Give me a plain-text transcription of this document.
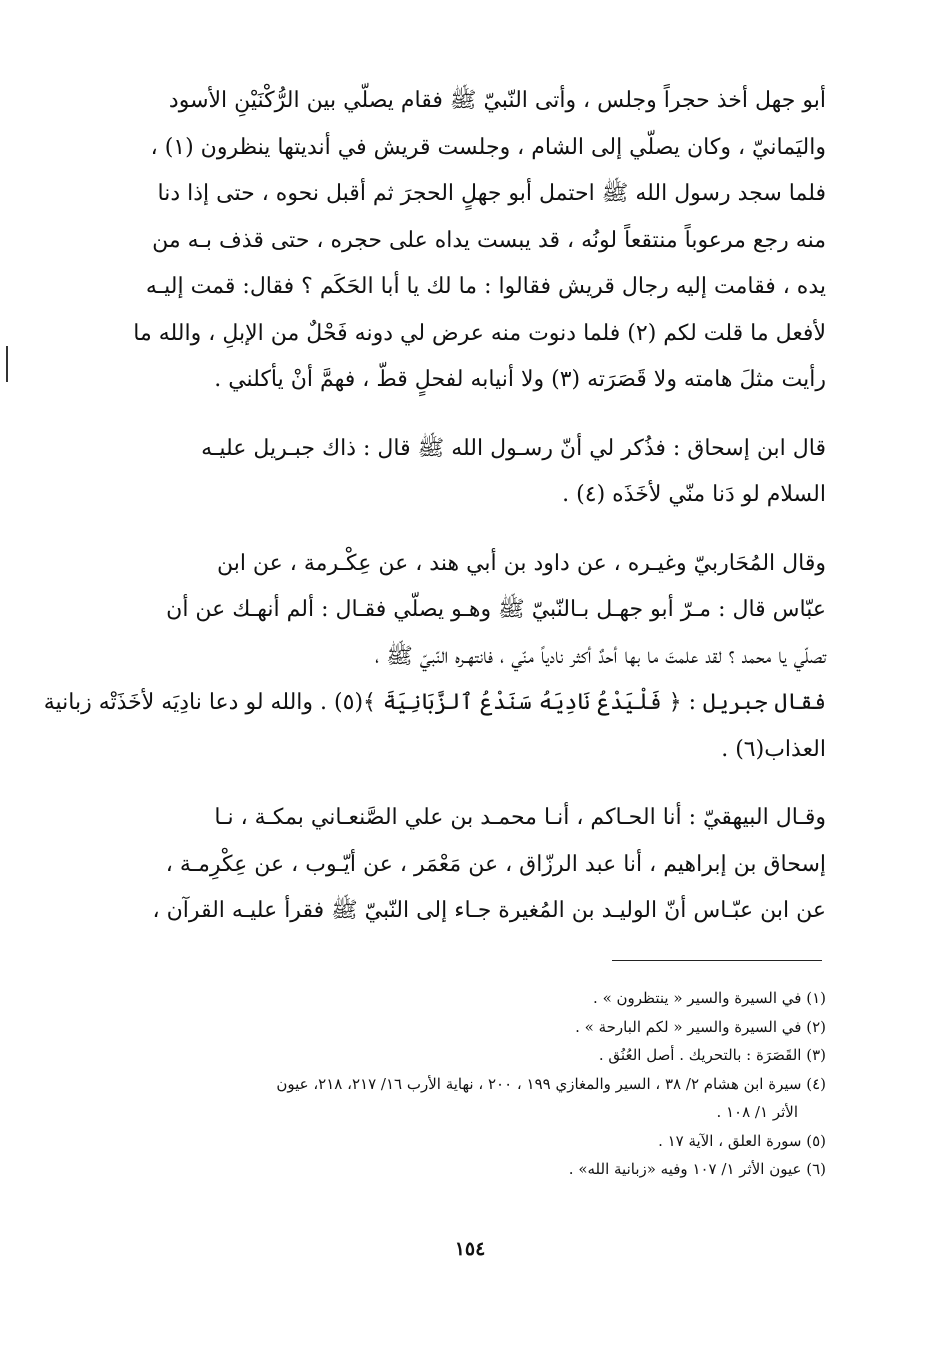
أبو جهل أخذ حجراً وجلس ، وأتى النّبيّ ﷺ فقام يصلّي بين الرُّكْنَيْنِ الأسود
واليَمانيّ ، وكان يصلّي إلى الشام ، وجلست قريش في أنديتها ينظرون (١) ،
فلما سجد رسول الله ﷺ احتمل أبو جهلٍ الحجرَ ثم أقبل نحوه ، حتى إذا دنا
منه رجع مرعوباً منتقعاً لونُه ، قد يبست يداه على حجره ، حتى قذف بـه من
يده ، فقامت إليه رجال قريش فقالوا : ما لك يا أبا الحَكَم ؟ فقال: قمت إليـه
لأفعل ما قلت لكم (٢) فلما دنوت منه عرض لي دونه فَحْلٌ من الإبلِ ، والله ما
رأيت مثلَ هامته ولا قَصَرَته (٣) ولا أنيابه لفحلٍ قطّ ، فهمَّ أنْ يأكلني .

قال ابن إسحاق : فذُكر لي أنّ رسـول الله ﷺ قال : ذاك جبـريل عليـه
السلام لو دَنا منّي لأخَذَه (٤) .

وقال المُحَاربيّ وغيـره ، عن داود بن أبي هند ، عن عِكْـرمة ، عن ابن
عبّاس قال : مـرّ أبو جهـل بـالنّبيّ ﷺ وهـو يصلّي فقـال : ألم أنهـك عن أن
تصلّي يا محمد ؟ لقد علمتَ ما بها أحدٌ أكثر نادياً منّي ، فانتهـره النّبيّ ﷺ ،
فقال جبريل : ﴿ فَلْيَدْعُ نَادِيَهُ سَنَدْعُ ٱلزَّبَانِيَةَ ﴾(٥) . والله لو دعا نادِيَه لأخَذَتْه زبانية
العذاب(٦) .

وقـال البيهقيّ : أنا الحـاكم ، أنـا محمـد بن علي الصَّنعـاني بمكـة ، نـا
إسحاق بن إبراهيم ، أنا عبد الرزّاق ، عن مَعْمَر ، عن أيّـوب ، عن عِكْرِمـة ،
عن ابن عبّـاس أنّ الوليـد بن المُغيرة جـاء إلى النّبيّ ﷺ فقرأ عليـه القرآن ،

(١) في السيرة والسير « ينتظرون » .
(٢) في السيرة والسير « لكم البارحة » .
(٣) القَصَرَة : بالتحريك . أصل العُنُق .
(٤) سيرة ابن هشام ٢/ ٣٨ ، السير والمغازي ١٩٩ ، ٢٠٠ ، نهاية الأرب ١٦/ ٢١٧، ٢١٨، عيون
الأثر ١/ ١٠٨ .
(٥) سورة العلق ، الآية ١٧ .
(٦) عيون الأثر ١/ ١٠٧ وفيه «زبانية الله» .
١٥٤
